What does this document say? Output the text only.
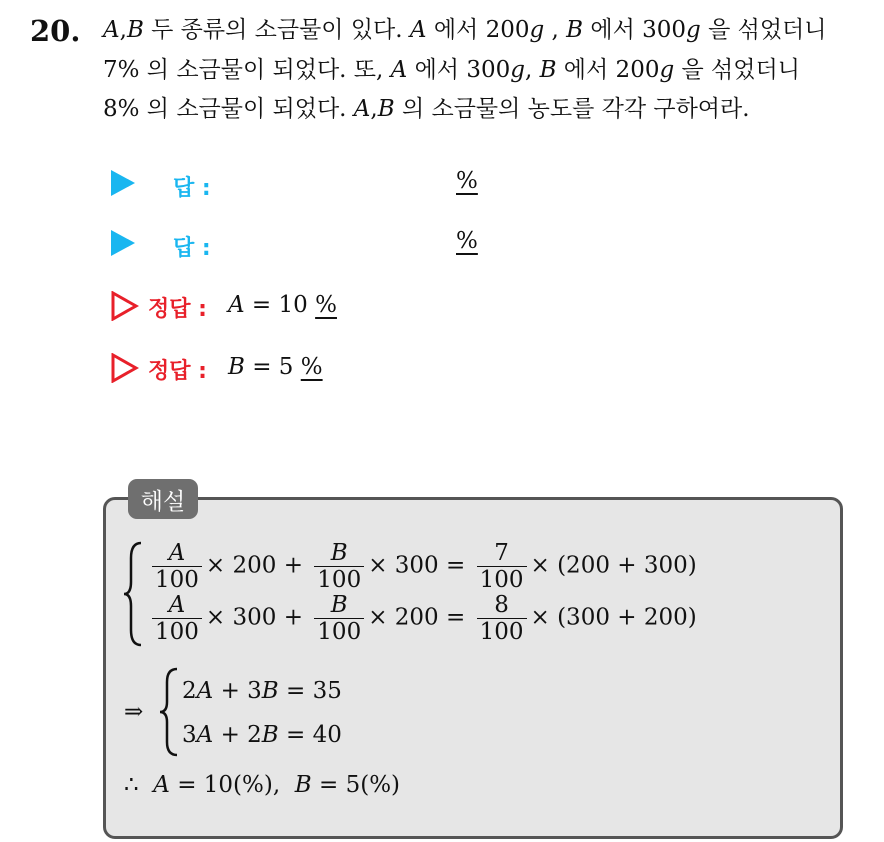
20. A,B 두 종류의 소금물이 있다. A 에서 200g , B 에서 300g 을 섞었더니
7% 의 소금물이 되었다. 또, A 에서 300g, B 에서 200g 을 섞었더니
8% 의 소금물이 되었다. A,B 의 소금물의 농도를 각각 구하여라.
답 :	%
답 :	%
정답 : A = 10 %
정답 : B = 5 %
해설
$\frac{A}{100} \times 200 + \frac{B}{100} \times 300 = \frac{7}{100} \times (200 + 300)$
$\frac{A}{100} \times 300 + \frac{B}{100} \times 200 = \frac{8}{100} \times (300 + 200)$
⇒
2A + 3B = 35
3A + 2B = 40
∴ A = 10(%), B = 5(%)
